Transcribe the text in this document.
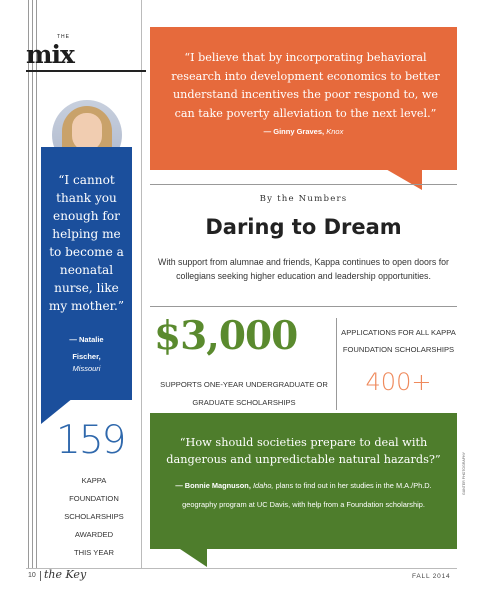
THE
mix	“I believe that by incorporating behavioral research into development economics to better understand incentives the poor respond to, we can take poverty alleviation to the next level.”
— Ginny Graves, Knox
“I cannot thank you enough for helping me to become a neonatal nurse, like my mother.”
— Natalie
Fischer,
Missouri
159
KAPPA
FOUNDATION
SCHOLARSHIPS
AWARDED
THIS YEAR
By the Numbers
Daring to Dream
With support from alumnae and friends, Kappa continues to open doors for collegians seeking higher education and leadership opportunities.
$3,000
SUPPORTS ONE-YEAR UNDERGRADUATE OR GRADUATE SCHOLARSHIPS
APPLICATIONS FOR ALL KAPPA FOUNDATION SCHOLARSHIPS
400+
“How should societies prepare to deal with dangerous and unpredictable natural hazards?”
— Bonnie Magnuson, Idaho, plans to find out in her studies in the M.A./Ph.D. geography program at UC Davis, with help from a Foundation scholarship.
GUNTER PHOTOGRAPHY
10 the Key	FALL 2014
